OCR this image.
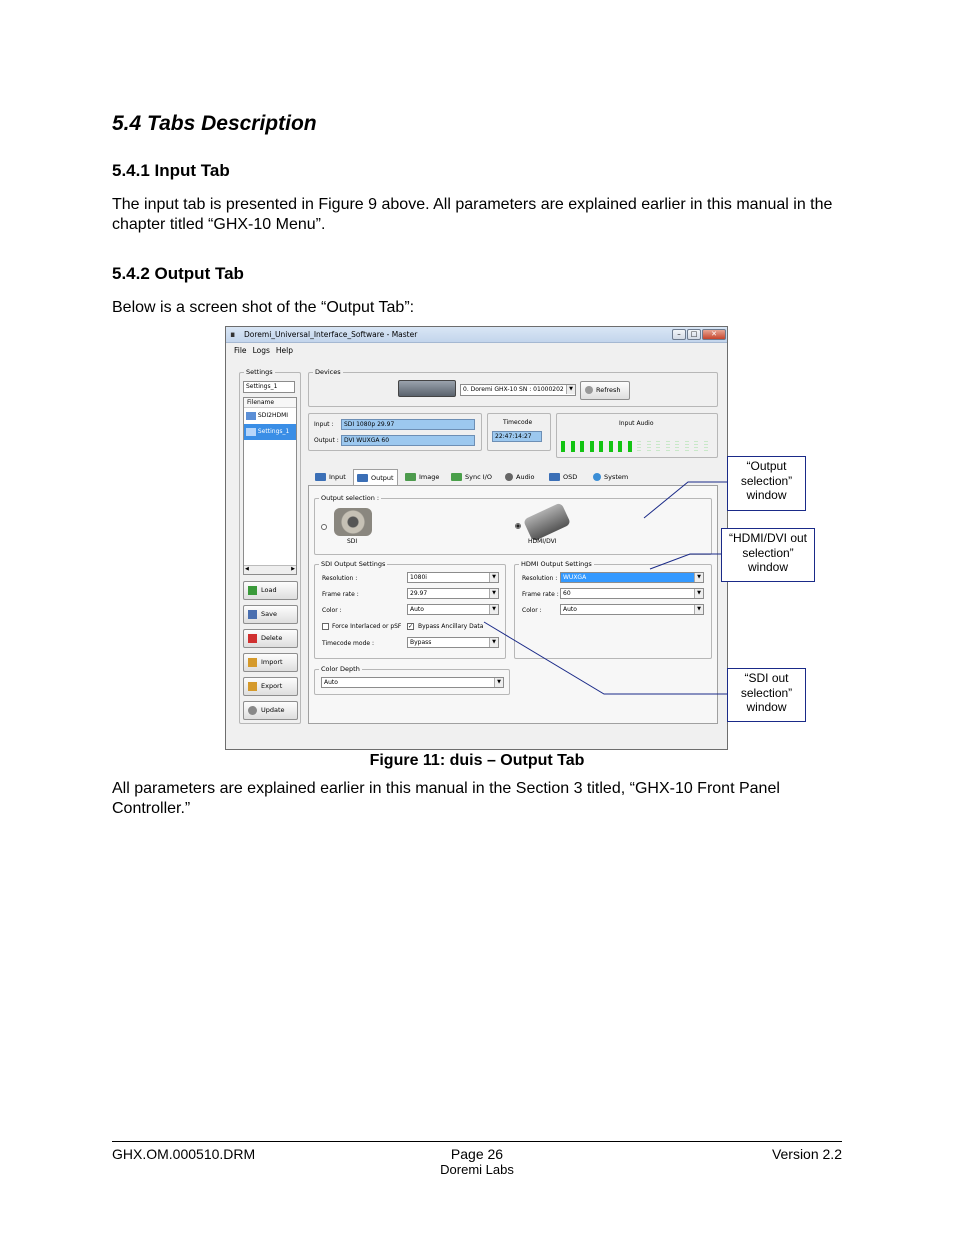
5.4 Tabs Description
5.4.1 Input Tab
The input tab is presented in Figure 9 above. All parameters are explained earlier in this manual in the chapter titled “GHX-10 Menu”.
5.4.2 Output Tab
Below is a screen shot of the “Output Tab”:
∎ Doremi_Universal_Interface_Software - Master	–	□	✕
File Logs Help
Settings
Settings_1
Filename
SDI2HDMI
Settings_1
◀	▶
Load
Save
Delete
Import
Export
Update
Devices
0. Doremi GHX-10 SN : 01000202	▼	Refresh
Input :	SDI 1080p 29.97
Output : DVI WUXGA 60
Timecode
22:47:14:27
Input Audio
Input	Output	Image	Sync I/O	Audio	OSD	System
Output selection :
SDI	HDMI/DVI
SDI Output Settings
Resolution :	1080i	▼
Frame rate :	29.97	▼
Color :	Auto	▼
Force Interlaced or pSF ✓ Bypass Ancillary Data
Timecode mode :	Bypass	▼
HDMI Output Settings
Resolution : WUXGA	▼
Frame rate : 60	▼
Color :	Auto	▼
Color Depth
Auto	▼
“Output selection” window
“HDMI/DVI out selection” window
“SDI out selection” window
Figure 11: duis – Output Tab
All parameters are explained earlier in this manual in the Section 3 titled, “GHX-10 Front Panel Controller.”
GHX.OM.000510.DRM	Page 26
Doremi Labs
Version 2.2
